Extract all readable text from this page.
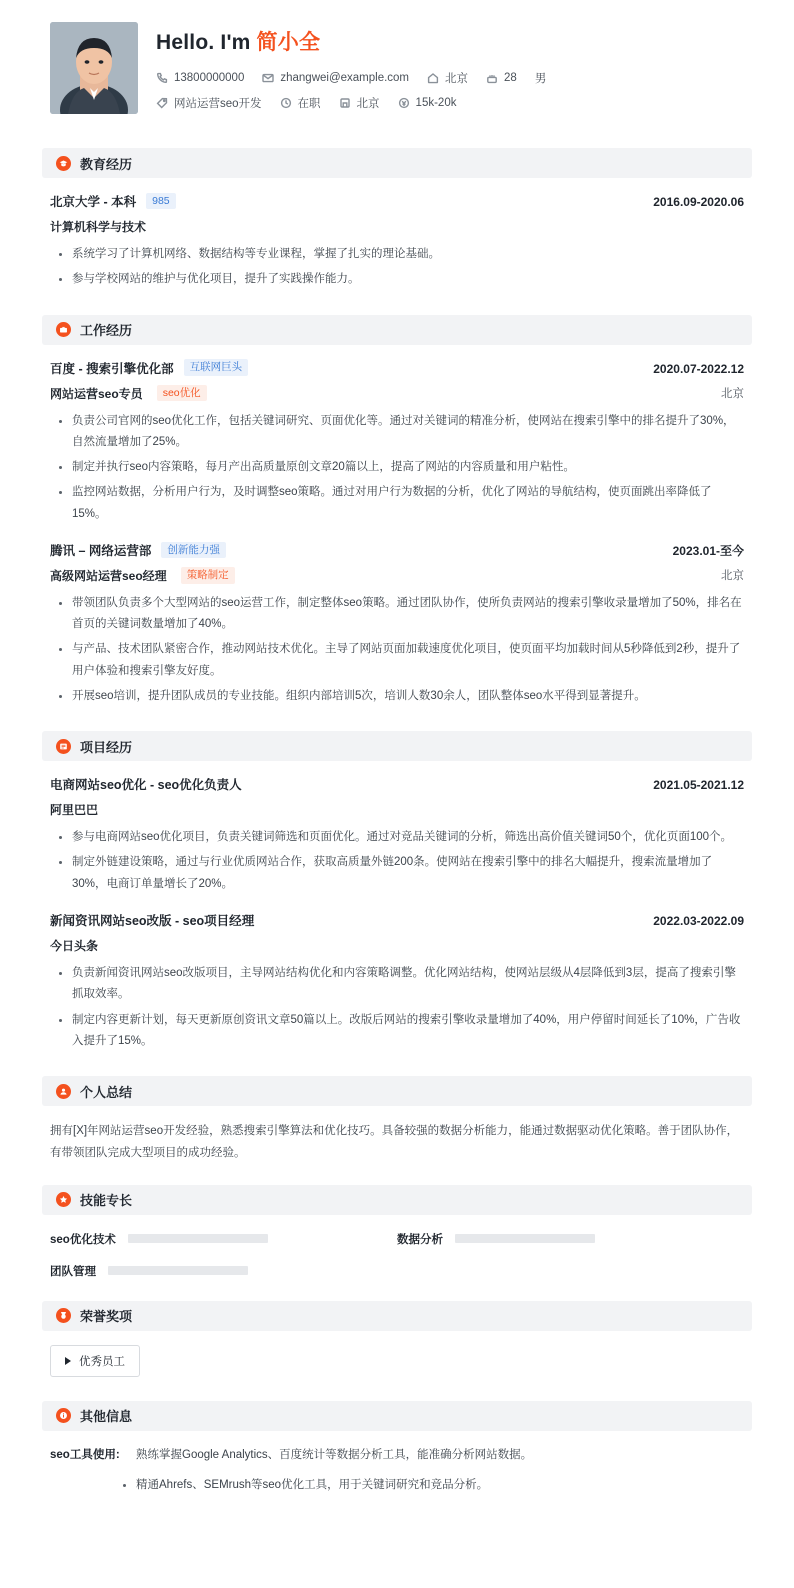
Hello. I'm 简小全
13800000000	zhangwei@example.com	北京	28 男
网站运营seo开发	在职	北京	15k-20k
教育经历
北京大学 - 本科	985	2016.09-2020.06
计算机科学与技术
系统学习了计算机网络、数据结构等专业课程，掌握了扎实的理论基础。
参与学校网站的维护与优化项目，提升了实践操作能力。
工作经历
百度 - 搜索引擎优化部	互联网巨头	2020.07-2022.12
网站运营seo专员	seo优化	北京
负责公司官网的seo优化工作，包括关键词研究、页面优化等。通过对关键词的精准分析，使网站在搜索引擎中的排名提升了30%，自然流量增加了25%。
制定并执行seo内容策略，每月产出高质量原创文章20篇以上，提高了网站的内容质量和用户粘性。
监控网站数据，分析用户行为，及时调整seo策略。通过对用户行为数据的分析，优化了网站的导航结构，使页面跳出率降低了15%。
腾讯 – 网络运营部	创新能力强	2023.01-至今
高级网站运营seo经理	策略制定	北京
带领团队负责多个大型网站的seo运营工作，制定整体seo策略。通过团队协作，使所负责网站的搜索引擎收录量增加了50%，排名在首页的关键词数量增加了40%。
与产品、技术团队紧密合作，推动网站技术优化。主导了网站页面加载速度优化项目，使页面平均加载时间从5秒降低到2秒，提升了用户体验和搜索引擎友好度。
开展seo培训，提升团队成员的专业技能。组织内部培训5次，培训人数30余人，团队整体seo水平得到显著提升。
项目经历
电商网站seo优化 - seo优化负责人	2021.05-2021.12
阿里巴巴
参与电商网站seo优化项目，负责关键词筛选和页面优化。通过对竞品关键词的分析，筛选出高价值关键词50个，优化页面100个。
制定外链建设策略，通过与行业优质网站合作，获取高质量外链200条。使网站在搜索引擎中的排名大幅提升，搜索流量增加了30%，电商订单量增长了20%。
新闻资讯网站seo改版 - seo项目经理	2022.03-2022.09
今日头条
负责新闻资讯网站seo改版项目，主导网站结构优化和内容策略调整。优化网站结构，使网站层级从4层降低到3层，提高了搜索引擎抓取效率。
制定内容更新计划，每天更新原创资讯文章50篇以上。改版后网站的搜索引擎收录量增加了40%，用户停留时间延长了10%，广告收入提升了15%。
个人总结
拥有[X]年网站运营seo开发经验，熟悉搜索引擎算法和优化技巧。具备较强的数据分析能力，能通过数据驱动优化策略。善于团队协作，有带领团队完成大型项目的成功经验。
技能专长
seo优化技术	数据分析
团队管理
荣誉奖项
优秀员工
其他信息
seo工具使用:	熟练掌握Google Analytics、百度统计等数据分析工具，能准确分析网站数据。
精通Ahrefs、SEMrush等seo优化工具，用于关键词研究和竞品分析。
